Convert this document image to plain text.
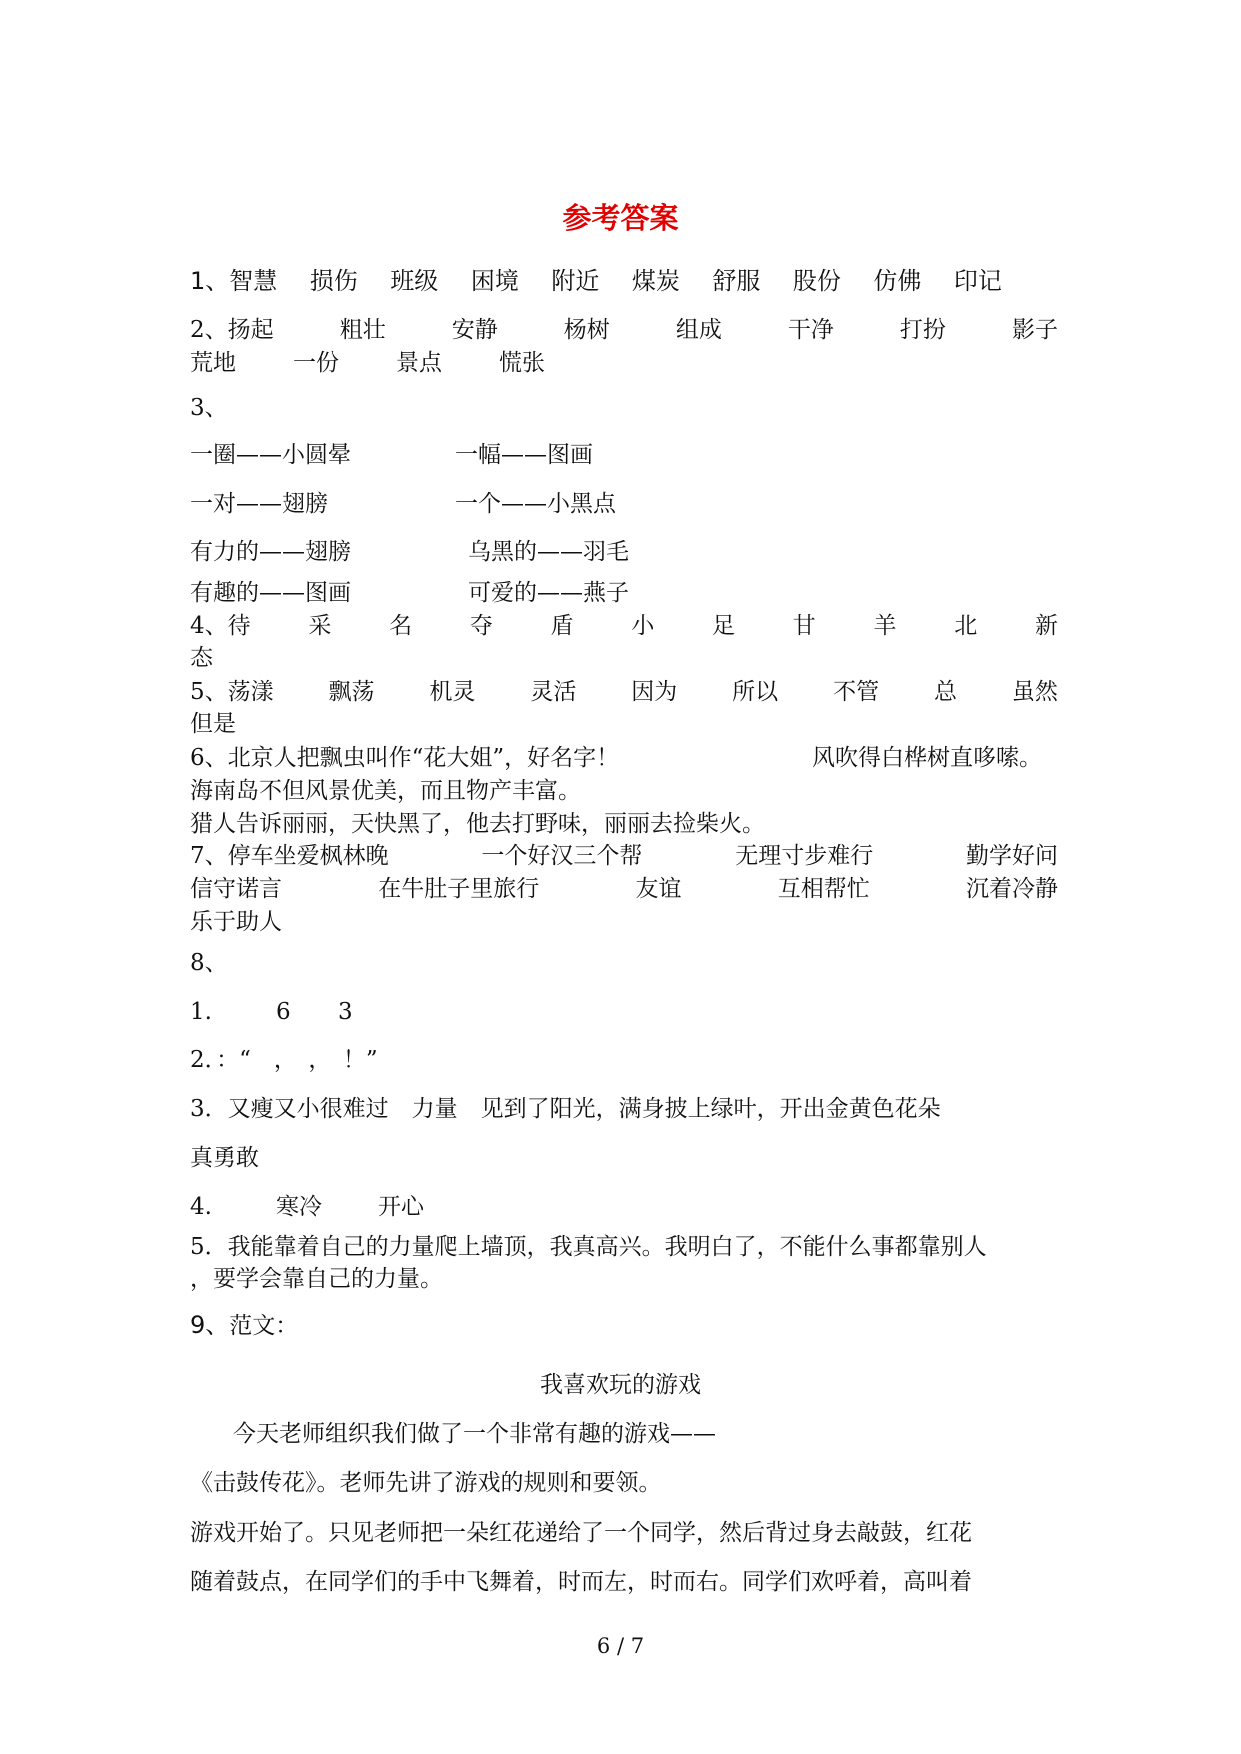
参考答案
1、智慧 损伤 班级 困境 附近 煤炭 舒服 股份 仿佛 印记
2、扬起	粗壮	安静	杨树	组成	干净	打扮	影子
荒地 一份 景点 慌张
3、
一圈——小圆晕	一幅——图画
一对——翅膀	一个——小黑点
有力的——翅膀	乌黑的——羽毛
有趣的——图画	可爱的——燕子
4、待	采	名	夺	盾	小	足	甘	羊	北	新
态
5、荡漾 飘荡 机灵 灵活 因为 所以 不管 总 虽然
但是
6、北京人把飘虫叫作“花大姐”，好名字！	风吹得白桦树直哆嗦。
海南岛不但风景优美，而且物产丰富。
猎人告诉丽丽，天快黑了，他去打野味，丽丽去捡柴火。
7、停车坐爱枫林晚	一个好汉三个帮	无理寸步难行	勤学好问
信守诺言	在牛肚子里旅行	友谊	互相帮忙	沉着冷静
乐于助人
8、
1.	6 3
2．：“　，　，　！”
3．又瘦又小很难过　力量　见到了阳光，满身披上绿叶，开出金黄色花朵
真勇敢
4.	寒冷 开心
5．我能靠着自己的力量爬上墙顶，我真高兴。我明白了，不能什么事都靠别人
，要学会靠自己的力量。
9、范文：
我喜欢玩的游戏
今天老师组织我们做了一个非常有趣的游戏——
《击鼓传花》。老师先讲了游戏的规则和要领。
游戏开始了。只见老师把一朵红花递给了一个同学，然后背过身去敲鼓，红花
随着鼓点，在同学们的手中飞舞着，时而左，时而右。同学们欢呼着，高叫着
6 / 7
